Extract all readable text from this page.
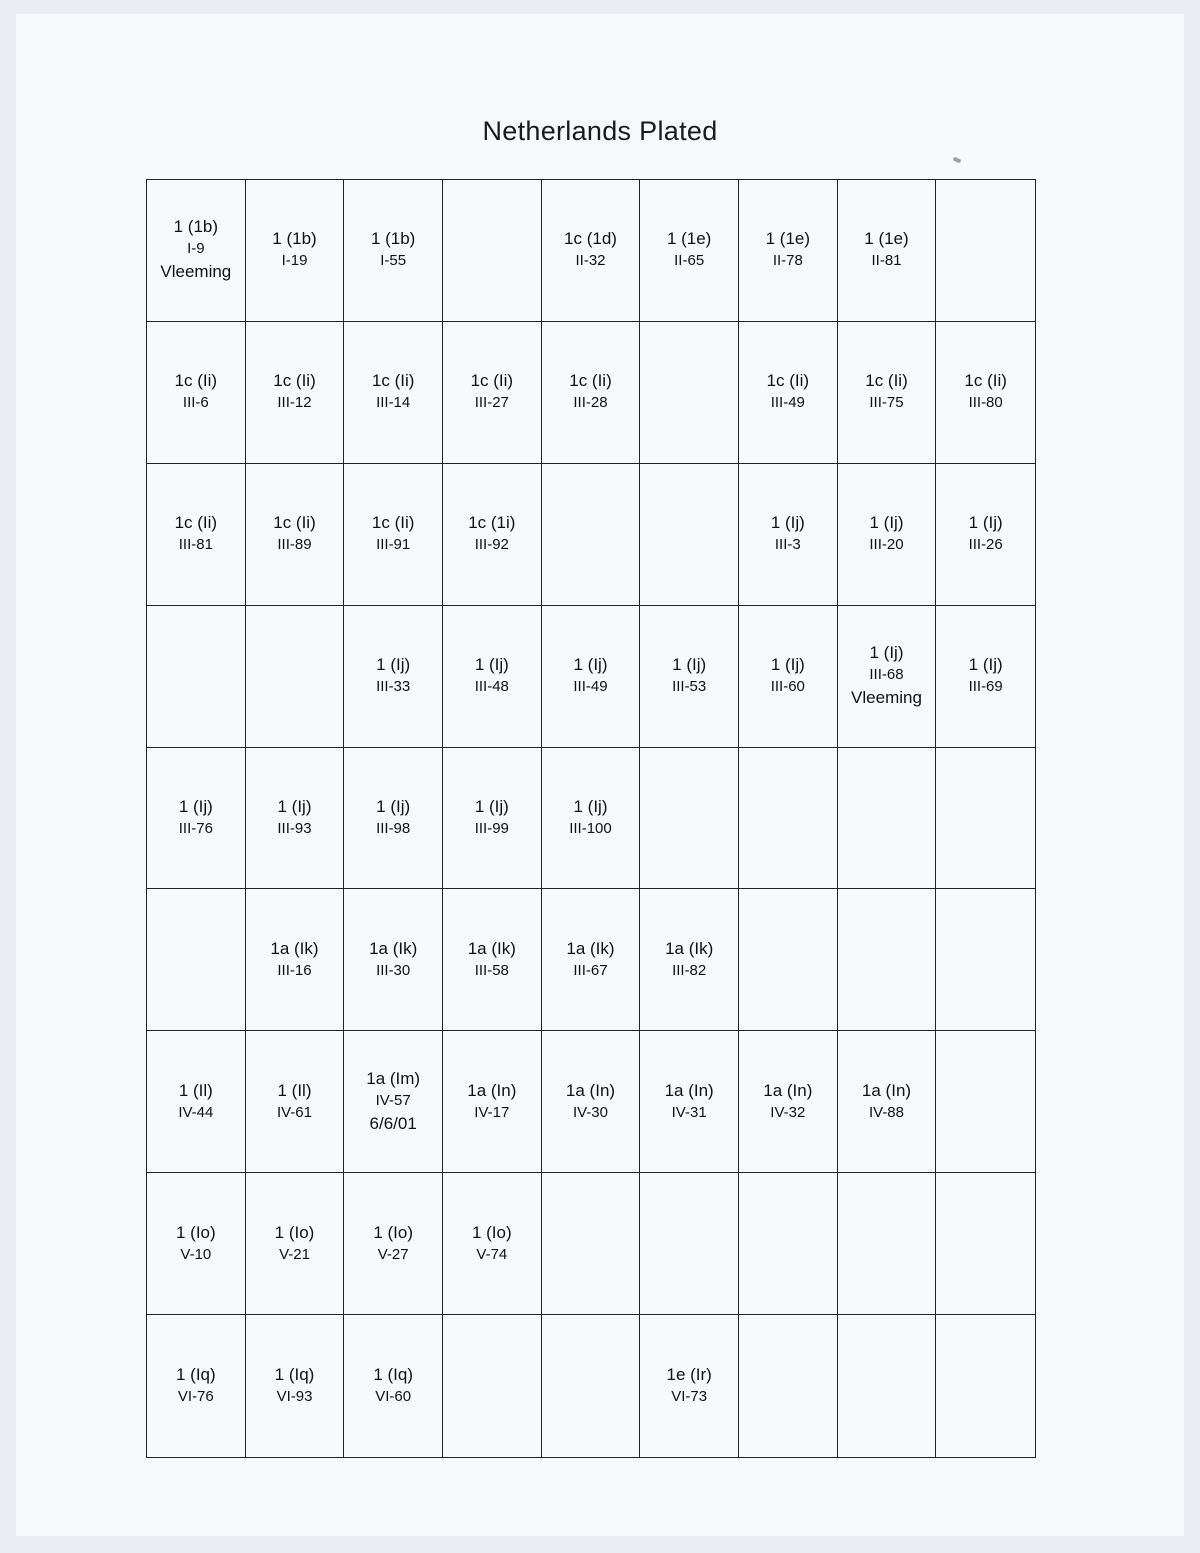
Netherlands Plated
1 (1b)
I-9
Vleeming
1 (1b)
I-19
1 (1b)
I-55
1c (1d)
II-32
1 (1e)
II-65
1 (1e)
II-78
1 (1e)
II-81
1c (Ii)
III-6
1c (Ii)
III-12
1c (Ii)
III-14
1c (Ii)
III-27
1c (Ii)
III-28
1c (Ii)
III-49
1c (Ii)
III-75
1c (Ii)
III-80
1c (Ii)
III-81
1c (Ii)
III-89
1c (Ii)
III-91
1c (1i)
III-92
1 (Ij)
III-3
1 (Ij)
III-20
1 (Ij)
III-26
1 (Ij)
III-33
1 (Ij)
III-48
1 (Ij)
III-49
1 (Ij)
III-53
1 (Ij)
III-60
1 (Ij)
III-68
Vleeming
1 (Ij)
III-69
1 (Ij)
III-76
1 (Ij)
III-93
1 (Ij)
III-98
1 (Ij)
III-99
1 (Ij)
III-100
1a (Ik)
III-16
1a (Ik)
III-30
1a (Ik)
III-58
1a (Ik)
III-67
1a (Ik)
III-82
1 (Il)
IV-44
1 (Il)
IV-61
1a (Im)
IV-57
6/6/01
1a (In)
IV-17
1a (In)
IV-30
1a (In)
IV-31
1a (In)
IV-32
1a (In)
IV-88
1 (Io)
V-10
1 (Io)
V-21
1 (Io)
V-27
1 (Io)
V-74
1 (Iq)
VI-76
1 (Iq)
VI-93
1 (Iq)
VI-60
1e (Ir)
VI-73
